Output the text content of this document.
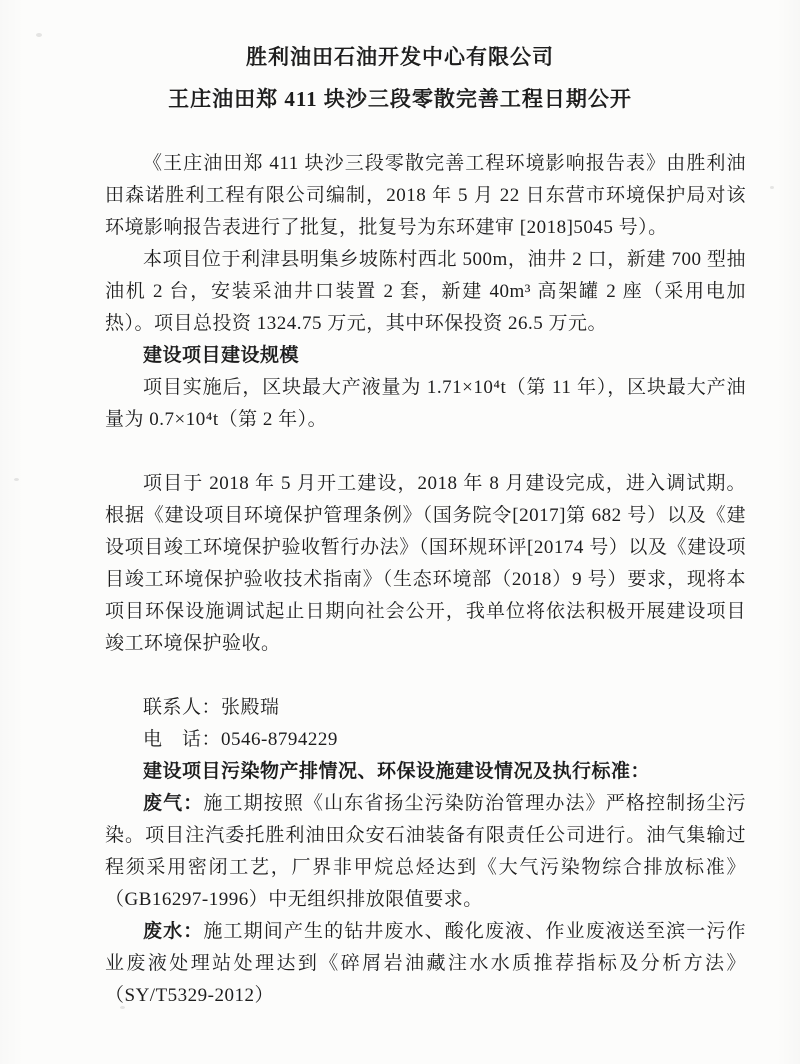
胜利油田石油开发中心有限公司
王庄油田郑 411 块沙三段零散完善工程日期公开

《王庄油田郑 411 块沙三段零散完善工程环境影响报告表》由胜利油田森诺胜利工程有限公司编制，2018 年 5 月 22 日东营市环境保护局对该环境影响报告表进行了批复，批复号为东环建审 [2018]5045 号）。

本项目位于利津县明集乡坡陈村西北 500m，油井 2 口，新建 700 型抽油机 2 台，安装采油井口装置 2 套，新建 40m³ 高架罐 2 座（采用电加热）。项目总投资 1324.75 万元，其中环保投资 26.5 万元。

建设项目建设规模

项目实施后，区块最大产液量为 1.71×10⁴t（第 11 年），区块最大产油量为 0.7×10⁴t（第 2 年）。

项目于 2018 年 5 月开工建设，2018 年 8 月建设完成，进入调试期。根据《建设项目环境保护管理条例》（国务院令[2017]第 682 号）以及《建设项目竣工环境保护验收暂行办法》（国环规环评[20174 号）以及《建设项目竣工环境保护验收技术指南》（生态环境部（2018）9 号）要求，现将本项目环保设施调试起止日期向社会公开，我单位将依法积极开展建设项目竣工环境保护验收。

联系人：张殿瑞

电　话：0546-8794229

建设项目污染物产排情况、环保设施建设情况及执行标准：

废气：施工期按照《山东省扬尘污染防治管理办法》严格控制扬尘污染。项目注汽委托胜利油田众安石油装备有限责任公司进行。油气集输过程须采用密闭工艺，厂界非甲烷总烃达到《大气污染物综合排放标准》（GB16297-1996）中无组织排放限值要求。

废水：施工期间产生的钻井废水、酸化废液、作业废液送至滨一污作业废液处理站处理达到《碎屑岩油藏注水水质推荐指标及分析方法》（SY/T5329-2012）
